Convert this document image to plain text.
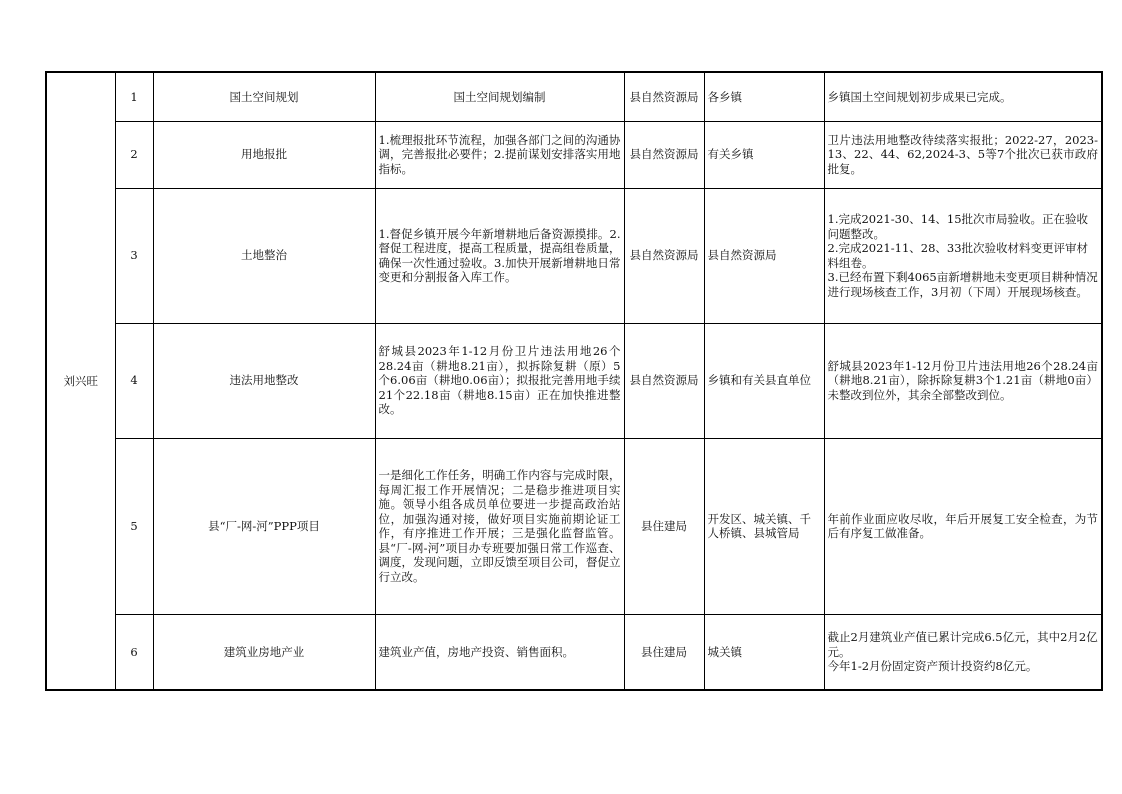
刘兴旺	1	国土空间规划	国土空间规划编制	县自然资源局	各乡镇	乡镇国土空间规划初步成果已完成。
	2	用地报批	1.梳理报批环节流程，加强各部门之间的沟通协调，完善报批必要件；2.提前谋划安排落实用地指标。	县自然资源局	有关乡镇	卫片违法用地整改待续落实报批；2022-27，2023-13、22、44、62,2024-3、5等7个批次已获市政府批复。
	3	土地整治	1.督促乡镇开展今年新增耕地后备资源摸排。2.督促工程进度，提高工程质量，提高组卷质量，确保一次性通过验收。3.加快开展新增耕地日常变更和分割报备入库工作。	县自然资源局	县自然资源局	1.完成2021-30、14、15批次市局验收。正在验收问题整改。
2.完成2021-11、28、33批次验收材料变更评审材料组卷。
3.已经布置下剩4065亩新增耕地未变更项目耕种情况进行现场核查工作，3月初（下周）开展现场核查。
	4	违法用地整改	舒城县2023年1-12月份卫片违法用地26个28.24亩（耕地8.21亩），拟拆除复耕（原）5个6.06亩（耕地0.06亩）；拟报批完善用地手续21个22.18亩（耕地8.15亩）正在加快推进整改。	县自然资源局	乡镇和有关县直单位	舒城县2023年1-12月份卫片违法用地26个28.24亩（耕地8.21亩），除拆除复耕3个1.21亩（耕地0亩）未整改到位外，其余全部整改到位。
	5	县“厂-网-河”PPP项目	一是细化工作任务，明确工作内容与完成时限，每周汇报工作开展情况；二是稳步推进项目实施。领导小组各成员单位要进一步提高政治站位，加强沟通对接，做好项目实施前期论证工作，有序推进工作开展；三是强化监督监管。县“厂-网-河”项目办专班要加强日常工作巡查、调度，发现问题，立即反馈至项目公司，督促立行立改。	县住建局	开发区、城关镇、千人桥镇、县城管局	年前作业面应收尽收，年后开展复工安全检查，为节后有序复工做准备。
	6	建筑业房地产业	建筑业产值，房地产投资、销售面积。	县住建局	城关镇	截止2月建筑业产值已累计完成6.5亿元，其中2月2亿元。
今年1-2月份固定资产预计投资约8亿元。
